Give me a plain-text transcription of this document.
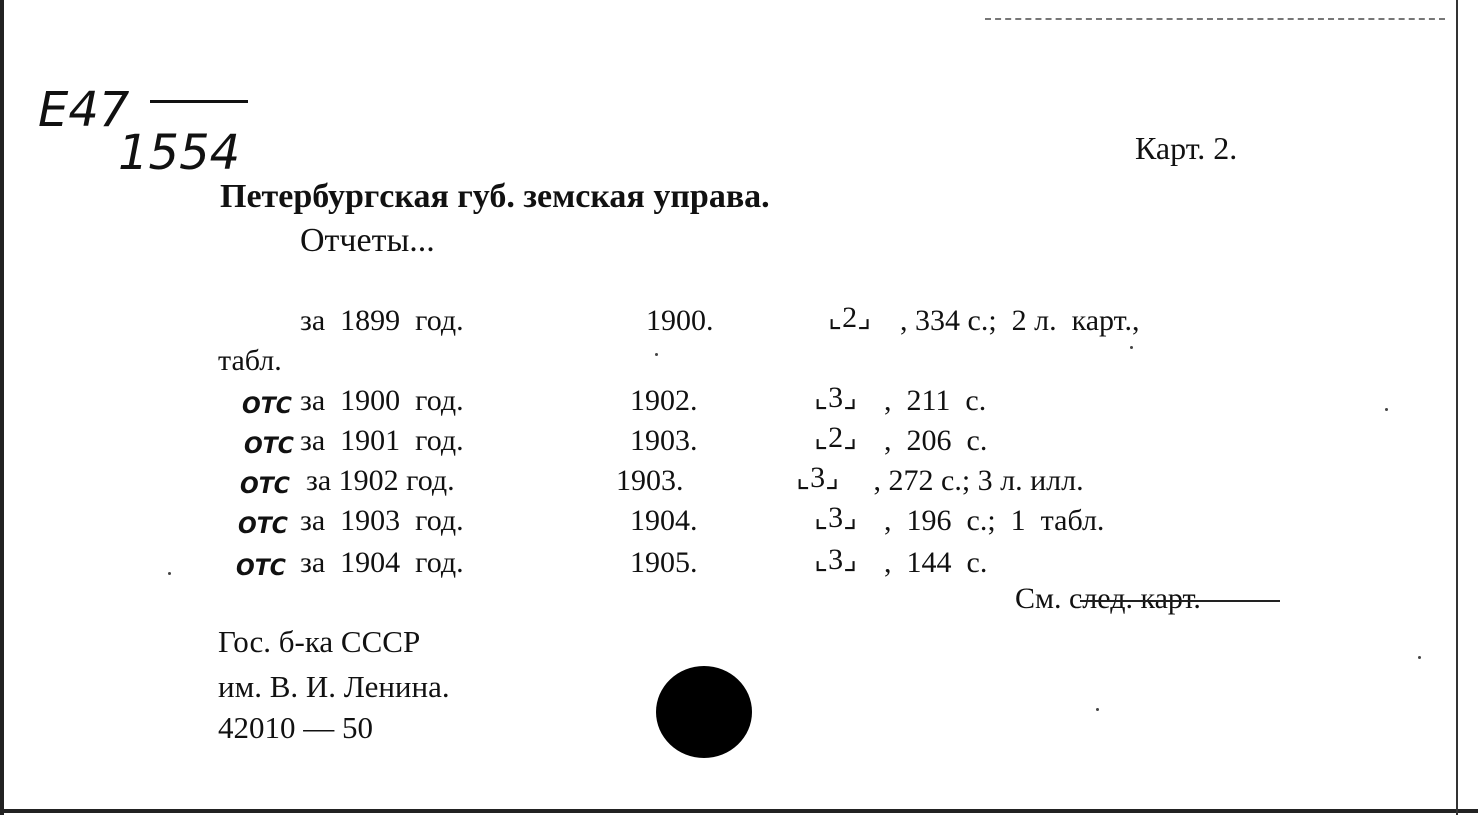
E47
1554	Карт. 2.
Петербургская губ. земская управа.
Отчеты...
за  1899  год.	1900.	⌞2⌟ , 334 с.;  2 л.  карт.,
табл.
ОТС за  1900  год.	1902.	⌞3⌟ ,  211  с.
ОТС за  1901  год.	1903.	⌞2⌟ ,  206  с.
ОТС за 1902 год.	1903.	⌞3⌟ , 272 с.; 3 л. илл.
ОТС за  1903  год.	1904.	⌞3⌟ ,  196  с.;  1  табл.
ОТС за  1904  год.	1905.	⌞3⌟ ,  144  с.
См. след. карт.
Гос. б-ка СССР
им. В. И. Ленина.
42010 — 50
